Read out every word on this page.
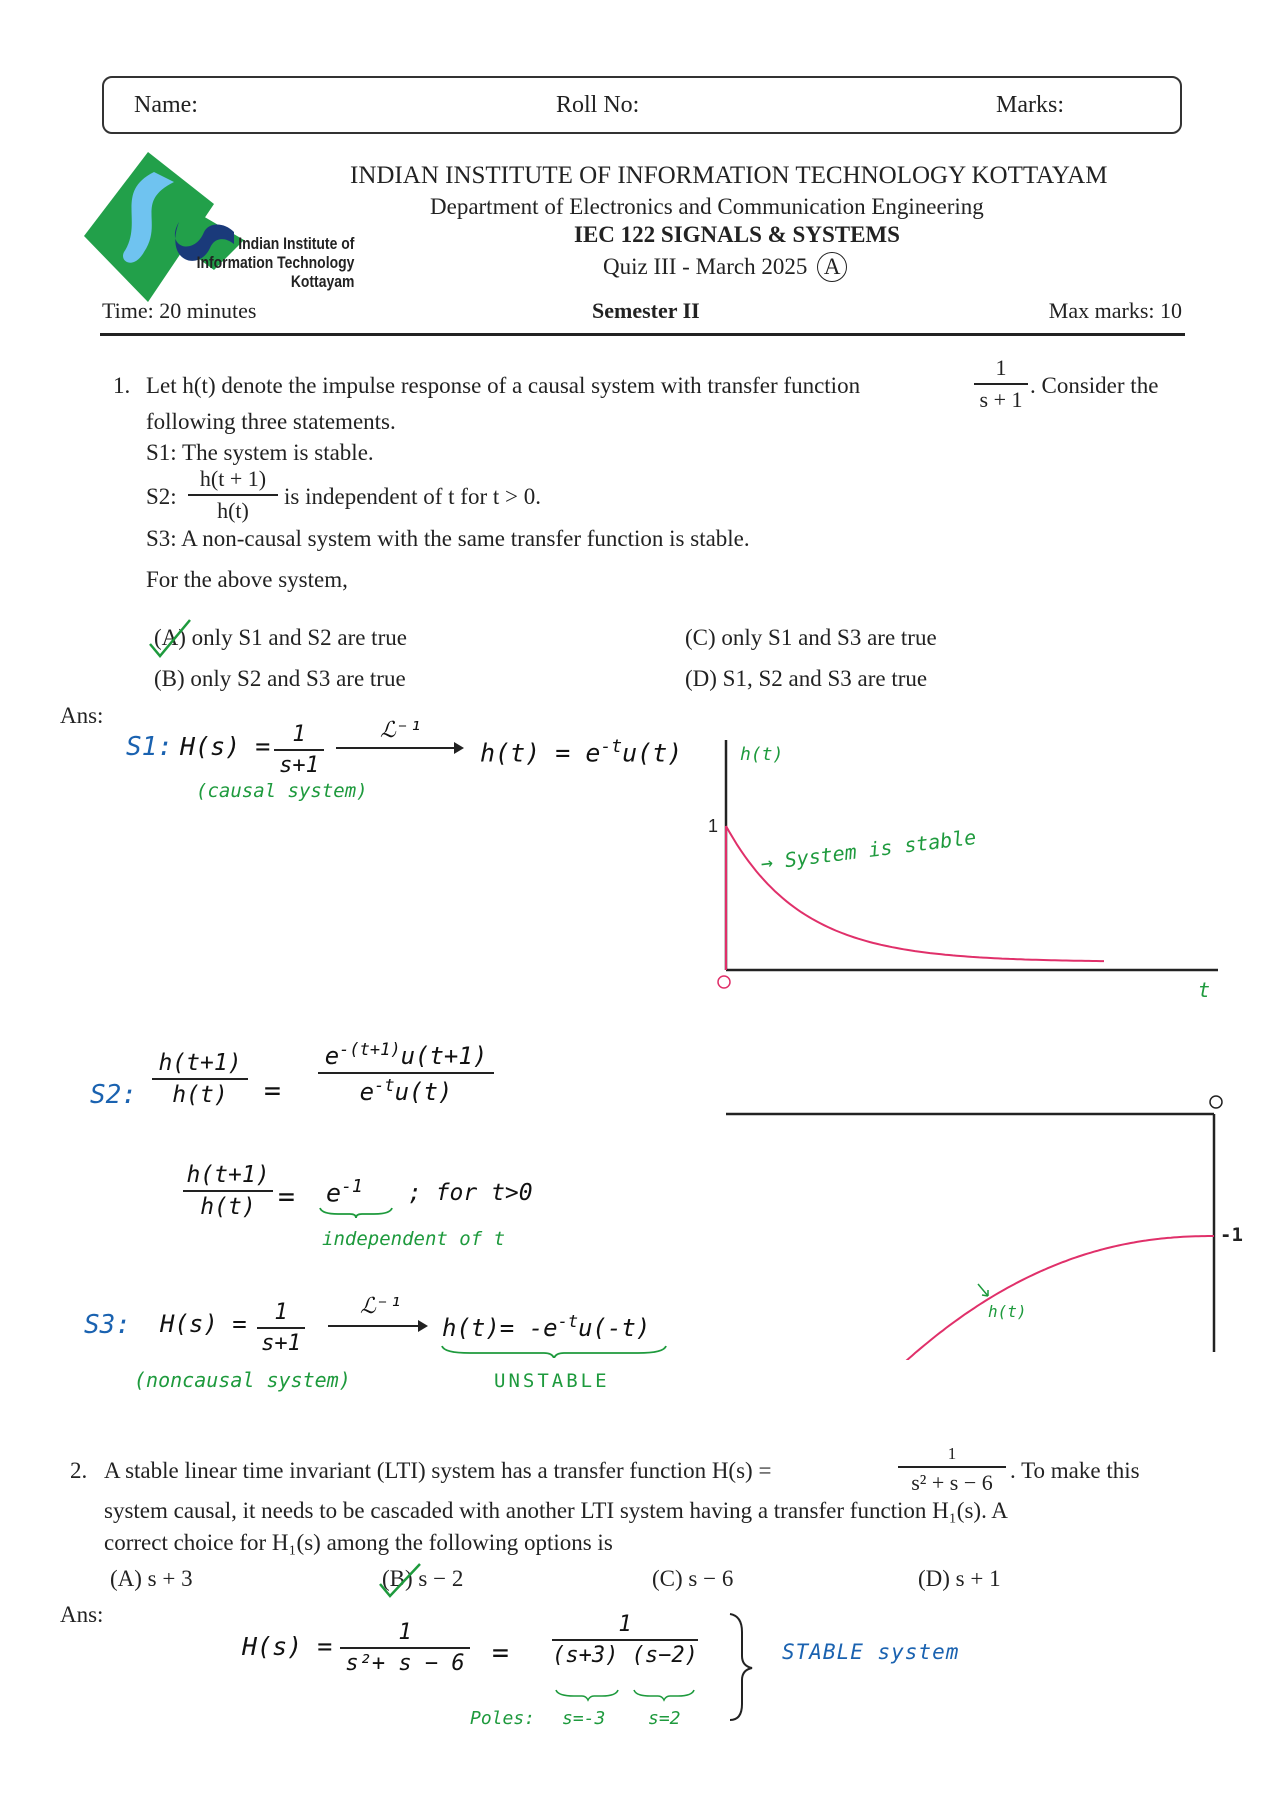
Name:	Roll No:	Marks:
Indian Institute of
Information Technology
Kottayam
INDIAN INSTITUTE OF INFORMATION TECHNOLOGY KOTTAYAM
Department of Electronics and Communication Engineering
IEC 122 SIGNALS & SYSTEMS
Quiz III - March 2025 A
Time: 20 minutes	Semester II	Max marks: 10
1. Let h(t) denote the impulse response of a causal system with transfer function
1
s + 1
. Consider the
following three statements.
S1: The system is stable.
S2:
h(t + 1)
h(t)
is independent of t for t > 0.
S3: A non-causal system with the same transfer function is stable.
For the above system,
(A) only S1 and S2 are true
(B) only S2 and S3 are true
(C) only S1 and S3 are true
(D) S1, S2 and S3 are true
Ans:
S1: H(s) = 1
s+1
ℒ⁻¹
$h(t) = e^{-t}u(t)$
(causal system)
h(t)
1
t
→ System is stable
S2:
h(t+1)
h(t) =
$e^{-(t+1)}u(t+1)$
$e^{-t}u(t)$
h(t+1)
$h(t) = e^{-1}$ ; for t>0
independent of t
S3: H(s) = 1
s+1
ℒ⁻¹
$h(t)= -e^{-t}u(-t)$
(noncausal system)	UNSTABLE
-1
h(t)
2. A stable linear time invariant (LTI) system has a transfer function H(s) =
1
s² + s − 6 . To make this
system causal, it needs to be cascaded with another LTI system having a transfer function H₁(s). A
correct choice for H₁(s) among the following options is
(A) s + 3	(B) s − 2	(C) s − 6	(D) s + 1
Ans:
H(s) =	1
s²+ s − 6 =
1
(s+3) (s−2)
Poles: s=-3 s=2
STABLE system
